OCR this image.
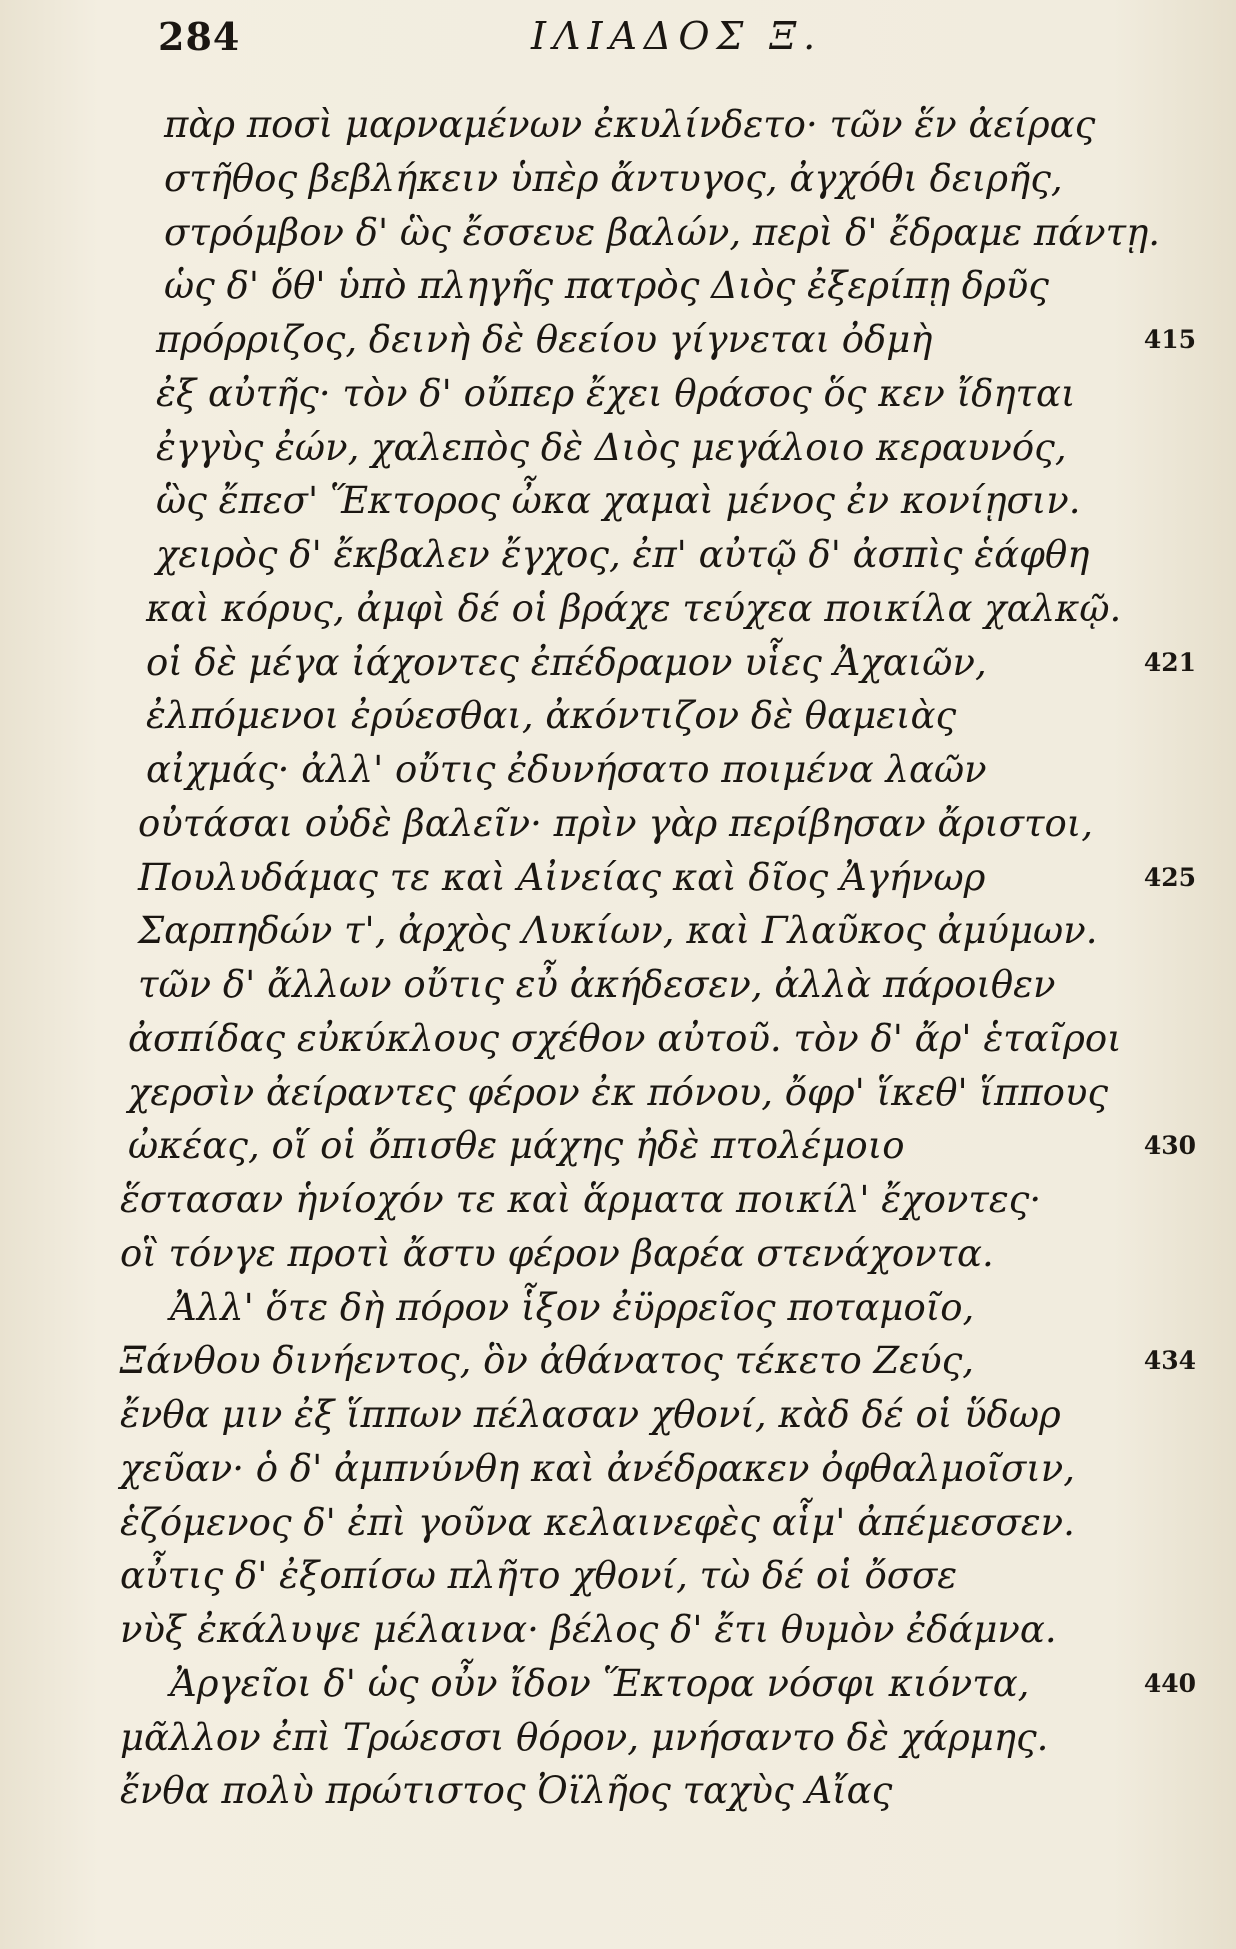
284	ΙΛΙΑΔΟΣ Ξ.
πὰρ ποσὶ μαρναμένων ἐκυλίνδετο· τῶν ἕν ἀείρας
στῆθος βεβλήκειν ὑπὲρ ἄντυγος, ἀγχόθι δειρῆς,
στρόμβον δ' ὣς ἔσσευε βαλών, περὶ δ' ἔδραμε πάντῃ.
ὡς δ' ὅθ' ὑπὸ πληγῆς πατρὸς Διὸς ἐξερίπῃ δρῦς
πρόρριζος, δεινὴ δὲ θεείου γίγνεται ὀδμὴ	415
ἐξ αὐτῆς· τὸν δ' οὔπερ ἔχει θράσος ὅς κεν ἴδηται
ἐγγὺς ἐών, χαλεπὸς δὲ Διὸς μεγάλοιο κεραυνός,
ὣς ἔπεσ' Ἕκτορος ὦκα χαμαὶ μένος ἐν κονίῃσιν.
χειρὸς δ' ἔκβαλεν ἔγχος, ἐπ' αὐτῷ δ' ἀσπὶς ἑάφθη
καὶ κόρυς, ἀμφὶ δέ οἱ βράχε τεύχεα ποικίλα χαλκῷ.
οἱ δὲ μέγα ἰάχοντες ἐπέδραμον υἷες Ἀχαιῶν,	421
ἐλπόμενοι ἐρύεσθαι, ἀκόντιζον δὲ θαμειὰς
αἰχμάς· ἀλλ' οὔτις ἐδυνήσατο ποιμένα λαῶν
οὐτάσαι οὐδὲ βαλεῖν· πρὶν γὰρ περίβησαν ἄριστοι,
Πουλυδάμας τε καὶ Αἰνείας καὶ δῖος Ἀγήνωρ	425
Σαρπηδών τ', ἀρχὸς Λυκίων, καὶ Γλαῦκος ἀμύμων.
τῶν δ' ἄλλων οὔτις εὖ ἀκήδεσεν, ἀλλὰ πάροιθεν
ἀσπίδας εὐκύκλους σχέθον αὐτοῦ. τὸν δ' ἄρ' ἑταῖροι
χερσὶν ἀείραντες φέρον ἐκ πόνου, ὄφρ' ἵκεθ' ἵππους
ὠκέας, οἵ οἱ ὄπισθε μάχης ἠδὲ πτολέμοιο	430
ἕστασαν ἡνίοχόν τε καὶ ἅρματα ποικίλ' ἔχοντες·
οἳ τόνγε προτὶ ἄστυ φέρον βαρέα στενάχοντα.
Ἀλλ' ὅτε δὴ πόρον ἷξον ἐϋρρεῖος ποταμοῖο,
Ξάνθου δινήεντος, ὃν ἀθάνατος τέκετο Ζεύς,	434
ἔνθα μιν ἐξ ἵππων πέλασαν χθονί, κὰδ δέ οἱ ὕδωρ
χεῦαν· ὁ δ' ἀμπνύνθη καὶ ἀνέδρακεν ὀφθαλμοῖσιν,
ἑζόμενος δ' ἐπὶ γοῦνα κελαινεφὲς αἷμ' ἀπέμεσσεν.
αὖτις δ' ἐξοπίσω πλῆτο χθονί, τὼ δέ οἱ ὄσσε
νὺξ ἐκάλυψε μέλαινα· βέλος δ' ἔτι θυμὸν ἐδάμνα.
Ἀργεῖοι δ' ὡς οὖν ἴδον Ἕκτορα νόσφι κιόντα,	440
μᾶλλον ἐπὶ Τρώεσσι θόρον, μνήσαντο δὲ χάρμης.
ἔνθα πολὺ πρώτιστος Ὀϊλῆος ταχὺς Αἴας
